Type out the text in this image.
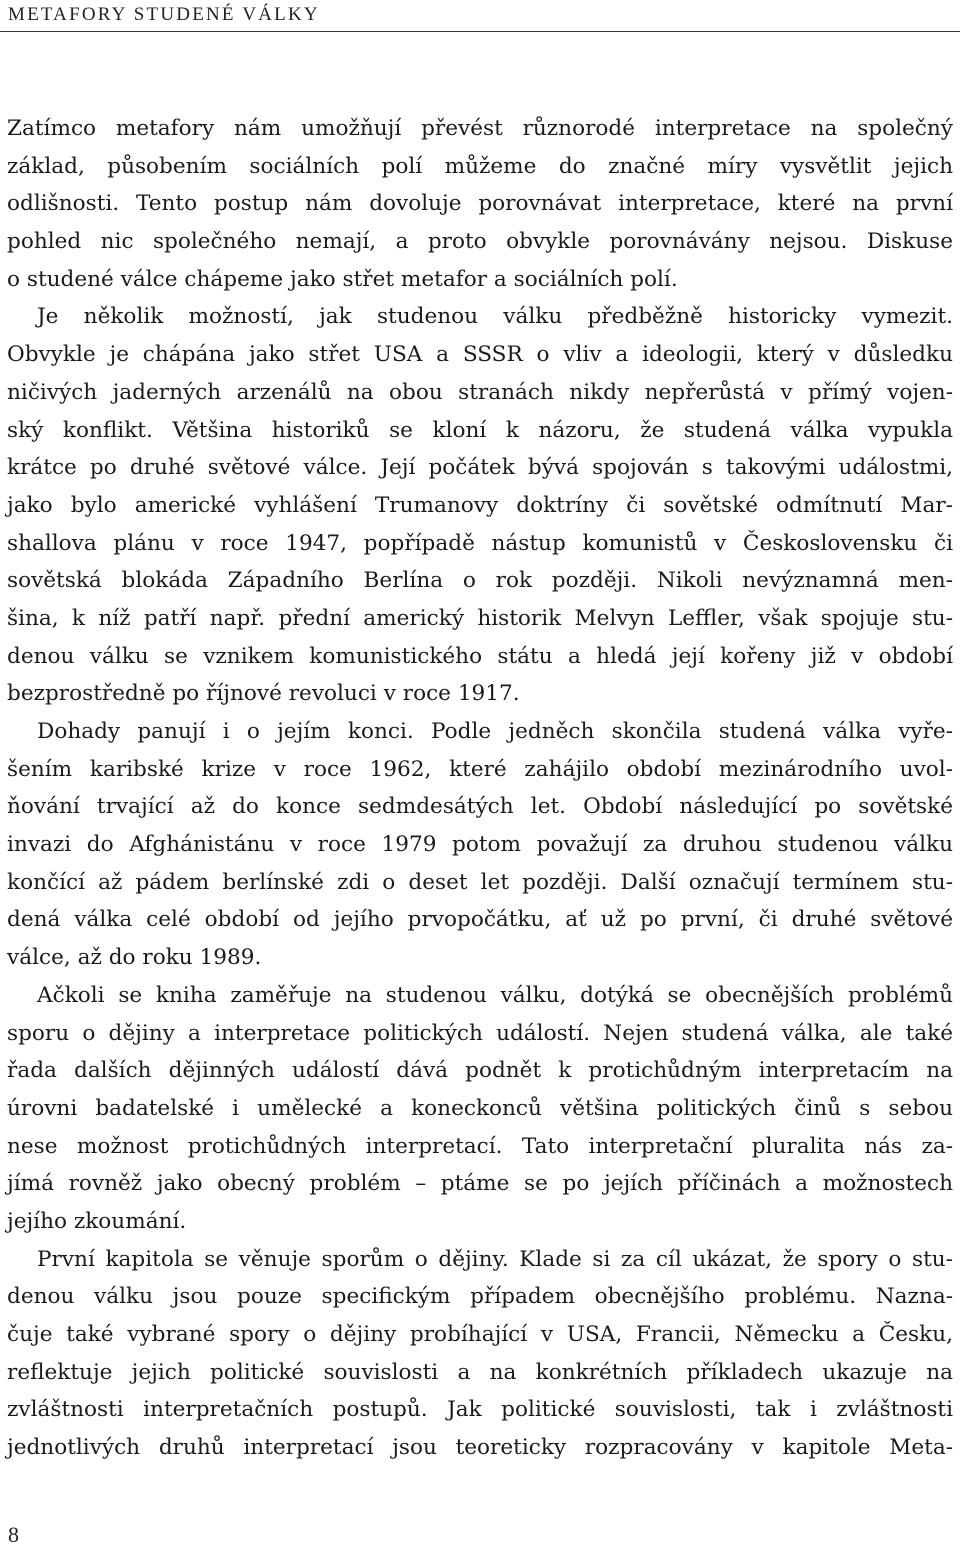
METAFORY STUDENÉ VÁLKY
Zatímco metafory nám umožňují převést různorodé interpretace na společný
základ, působením sociálních polí můžeme do značné míry vysvětlit jejich
odlišnosti. Tento postup nám dovoluje porovnávat interpretace, které na první
pohled nic společného nemají, a proto obvykle porovnávány nejsou. Diskuse
o studené válce chápeme jako střet metafor a sociálních polí.
Je několik možností, jak studenou válku předběžně historicky vymezit.
Obvykle je chápána jako střet USA a SSSR o vliv a ideologii, který v důsledku
ničivých jaderných arzenálů na obou stranách nikdy nepřerůstá v přímý vojen-
ský konflikt. Většina historiků se kloní k názoru, že studená válka vypukla
krátce po druhé světové válce. Její počátek bývá spojován s takovými událostmi,
jako bylo americké vyhlášení Trumanovy doktríny či sovětské odmítnutí Mar-
shallova plánu v roce 1947, popřípadě nástup komunistů v Československu či
sovětská blokáda Západního Berlína o rok později. Nikoli nevýznamná men-
šina, k níž patří např. přední americký historik Melvyn Leffler, však spojuje stu-
denou válku se vznikem komunistického státu a hledá její kořeny již v období
bezprostředně po říjnové revoluci v roce 1917.
Dohady panují i o jejím konci. Podle jedněch skončila studená válka vyře-
šením karibské krize v roce 1962, které zahájilo období mezinárodního uvol-
ňování trvající až do konce sedmdesátých let. Období následující po sovětské
invazi do Afghánistánu v roce 1979 potom považují za druhou studenou válku
končící až pádem berlínské zdi o deset let později. Další označují termínem stu-
dená válka celé období od jejího prvopočátku, ať už po první, či druhé světové
válce, až do roku 1989.
Ačkoli se kniha zaměřuje na studenou válku, dotýká se obecnějších problémů
sporu o dějiny a interpretace politických událostí. Nejen studená válka, ale také
řada dalších dějinných událostí dává podnět k protichůdným interpretacím na
úrovni badatelské i umělecké a koneckonců většina politických činů s sebou
nese možnost protichůdných interpretací. Tato interpretační pluralita nás za-
jímá rovněž jako obecný problém – ptáme se po jejích příčinách a možnostech
jejího zkoumání.
První kapitola se věnuje sporům o dějiny. Klade si za cíl ukázat, že spory o stu-
denou válku jsou pouze specifickým případem obecnějšího problému. Nazna-
čuje také vybrané spory o dějiny probíhající v USA, Francii, Německu a Česku,
reflektuje jejich politické souvislosti a na konkrétních příkladech ukazuje na
zvláštnosti interpretačních postupů. Jak politické souvislosti, tak i zvláštnosti
jednotlivých druhů interpretací jsou teoreticky rozpracovány v kapitole Meta-
8
